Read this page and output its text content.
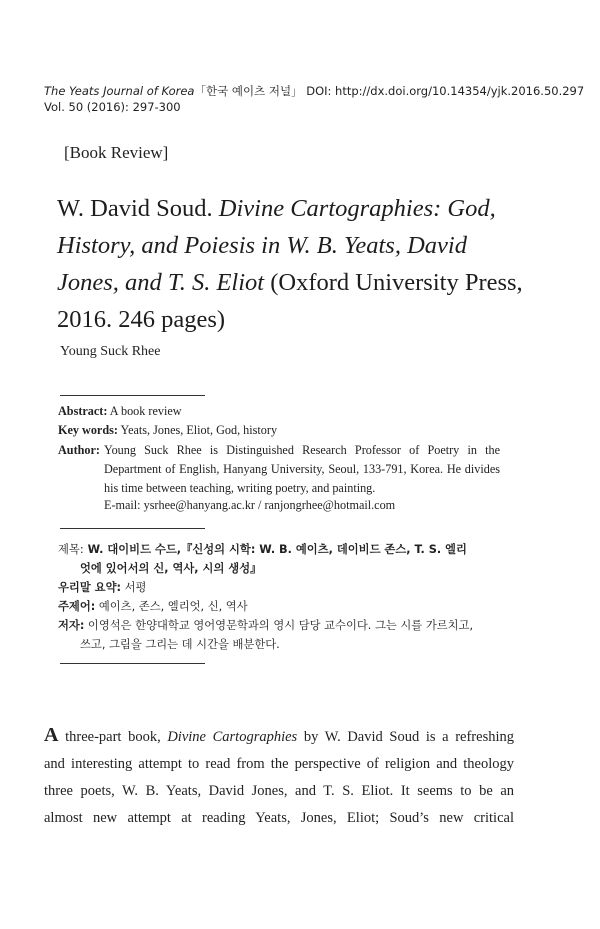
The Yeats Journal of Korea「한국 예이츠 저널」 DOI: http://dx.doi.org/10.14354/yjk.2016.50.297
Vol. 50 (2016): 297-300
[Book Review]
W. David Soud. Divine Cartographies: God, History, and Poiesis in W. B. Yeats, David Jones, and T. S. Eliot (Oxford University Press, 2016. 246 pages)
Young Suck Rhee
Abstract: A book review
Key words: Yeats, Jones, Eliot, God, history
Author: Young Suck Rhee is Distinguished Research Professor of Poetry in the Department of English, Hanyang University, Seoul, 133-791, Korea. He divides his time between teaching, writing poetry, and painting.
E-mail: ysrhee@hanyang.ac.kr / ranjongrhee@hotmail.com
제목: W. 대이비드 수드,『신성의 시학: W. B. 예이츠, 데이비드 존스, T. S. 엘리
엇에 있어서의 신, 역사, 시의 생성』
우리말 요약: 서평
주제어: 예이츠, 존스, 엘리엇, 신, 역사
저자: 이영석은 한양대학교 영어영문학과의 영시 담당 교수이다. 그는 시를 가르치고,
쓰고, 그림을 그리는 데 시간을 배분한다.
A three-part book, Divine Cartographies by W. David Soud is a refreshing
and interesting attempt to read from the perspective of religion and theology
three poets, W. B. Yeats, David Jones, and T. S. Eliot. It seems to be an
almost new attempt at reading Yeats, Jones, Eliot; Soud’s new critical
